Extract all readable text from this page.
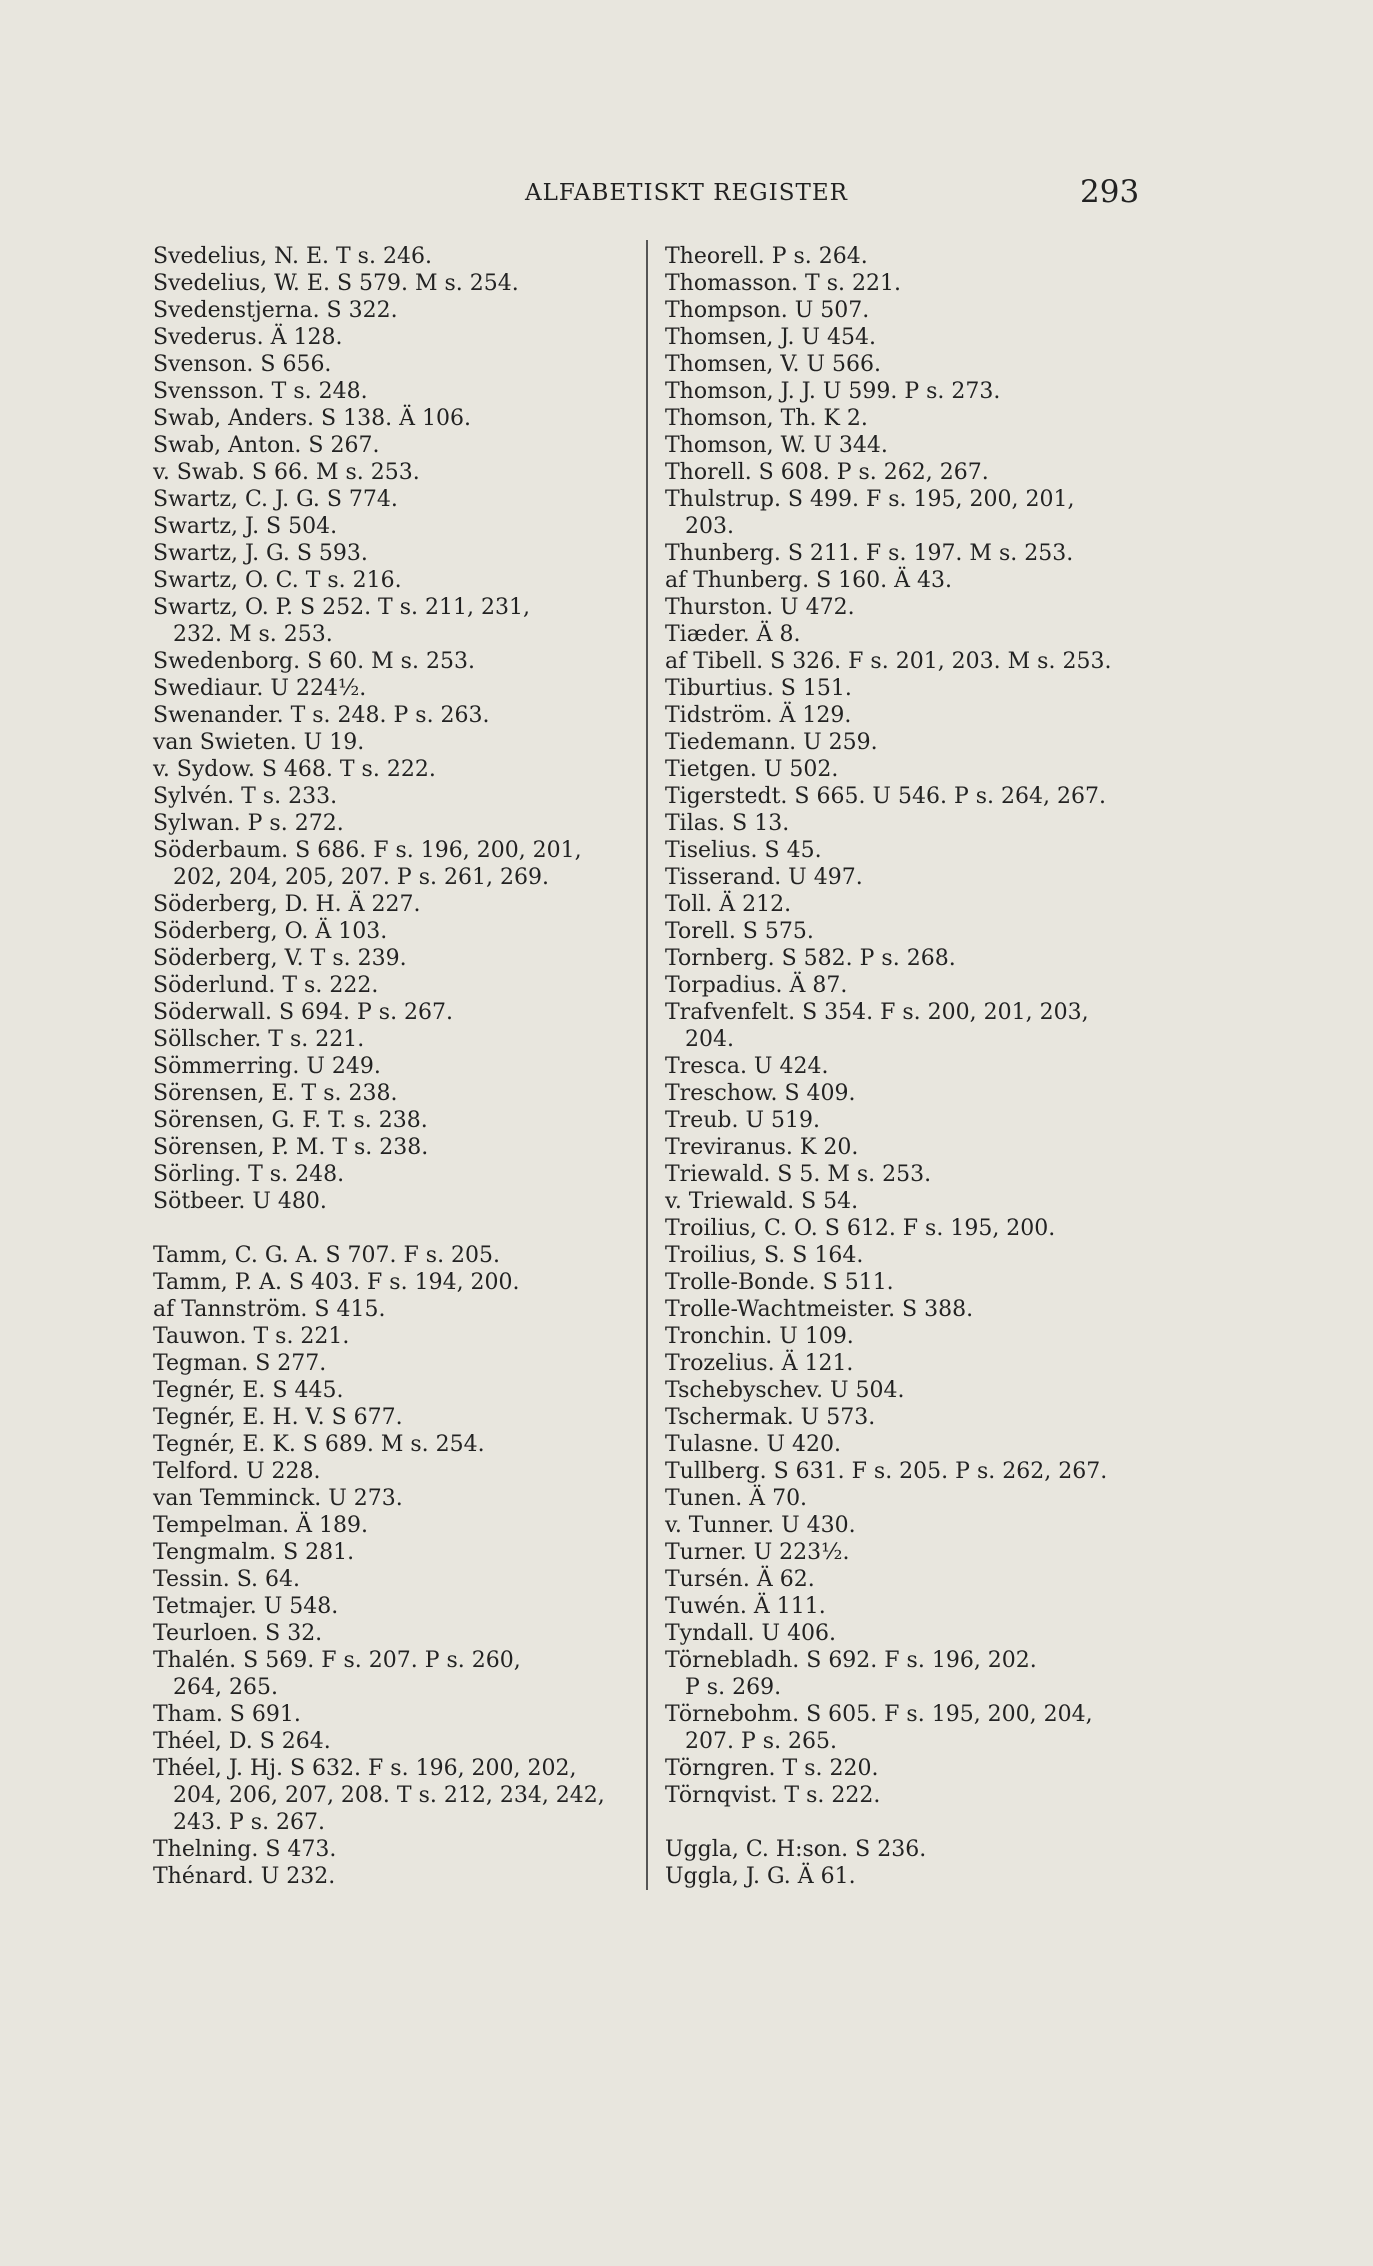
ALFABETISKT REGISTER	293
Svedelius, N. E. T s. 246.
Svedelius, W. E. S 579. M s. 254.
Svedenstjerna. S 322.
Svederus. Ä 128.
Svenson. S 656.
Svensson. T s. 248.
Swab, Anders. S 138. Ä 106.
Swab, Anton. S 267.
v. Swab. S 66. M s. 253.
Swartz, C. J. G. S 774.
Swartz, J. S 504.
Swartz, J. G. S 593.
Swartz, O. C. T s. 216.
Swartz, O. P. S 252. T s. 211, 231,
232. M s. 253.
Swedenborg. S 60. M s. 253.
Swediaur. U 224½.
Swenander. T s. 248. P s. 263.
van Swieten. U 19.
v. Sydow. S 468. T s. 222.
Sylvén. T s. 233.
Sylwan. P s. 272.
Söderbaum. S 686. F s. 196, 200, 201,
202, 204, 205, 207. P s. 261, 269.
Söderberg, D. H. Ä 227.
Söderberg, O. Ä 103.
Söderberg, V. T s. 239.
Söderlund. T s. 222.
Söderwall. S 694. P s. 267.
Söllscher. T s. 221.
Sömmerring. U 249.
Sörensen, E. T s. 238.
Sörensen, G. F. T. s. 238.
Sörensen, P. M. T s. 238.
Sörling. T s. 248.
Sötbeer. U 480.
Tamm, C. G. A. S 707. F s. 205.
Tamm, P. A. S 403. F s. 194, 200.
af Tannström. S 415.
Tauwon. T s. 221.
Tegman. S 277.
Tegnér, E. S 445.
Tegnér, E. H. V. S 677.
Tegnér, E. K. S 689. M s. 254.
Telford. U 228.
van Temminck. U 273.
Tempelman. Ä 189.
Tengmalm. S 281.
Tessin. S. 64.
Tetmajer. U 548.
Teurloen. S 32.
Thalén. S 569. F s. 207. P s. 260,
264, 265.
Tham. S 691.
Théel, D. S 264.
Théel, J. Hj. S 632. F s. 196, 200, 202,
204, 206, 207, 208. T s. 212, 234, 242,
243. P s. 267.
Thelning. S 473.
Thénard. U 232.
Theorell. P s. 264.
Thomasson. T s. 221.
Thompson. U 507.
Thomsen, J. U 454.
Thomsen, V. U 566.
Thomson, J. J. U 599. P s. 273.
Thomson, Th. K 2.
Thomson, W. U 344.
Thorell. S 608. P s. 262, 267.
Thulstrup. S 499. F s. 195, 200, 201,
203.
Thunberg. S 211. F s. 197. M s. 253.
af Thunberg. S 160. Ä 43.
Thurston. U 472.
Tiæder. Ä 8.
af Tibell. S 326. F s. 201, 203. M s. 253.
Tiburtius. S 151.
Tidström. Ä 129.
Tiedemann. U 259.
Tietgen. U 502.
Tigerstedt. S 665. U 546. P s. 264, 267.
Tilas. S 13.
Tiselius. S 45.
Tisserand. U 497.
Toll. Ä 212.
Torell. S 575.
Tornberg. S 582. P s. 268.
Torpadius. Ä 87.
Trafvenfelt. S 354. F s. 200, 201, 203,
204.
Tresca. U 424.
Treschow. S 409.
Treub. U 519.
Treviranus. K 20.
Triewald. S 5. M s. 253.
v. Triewald. S 54.
Troilius, C. O. S 612. F s. 195, 200.
Troilius, S. S 164.
Trolle-Bonde. S 511.
Trolle-Wachtmeister. S 388.
Tronchin. U 109.
Trozelius. Ä 121.
Tschebyschev. U 504.
Tschermak. U 573.
Tulasne. U 420.
Tullberg. S 631. F s. 205. P s. 262, 267.
Tunen. Ä 70.
v. Tunner. U 430.
Turner. U 223½.
Tursén. Ä 62.
Tuwén. Ä 111.
Tyndall. U 406.
Törnebladh. S 692. F s. 196, 202.
P s. 269.
Törnebohm. S 605. F s. 195, 200, 204,
207. P s. 265.
Törngren. T s. 220.
Törnqvist. T s. 222.
Uggla, C. H:son. S 236.
Uggla, J. G. Ä 61.
